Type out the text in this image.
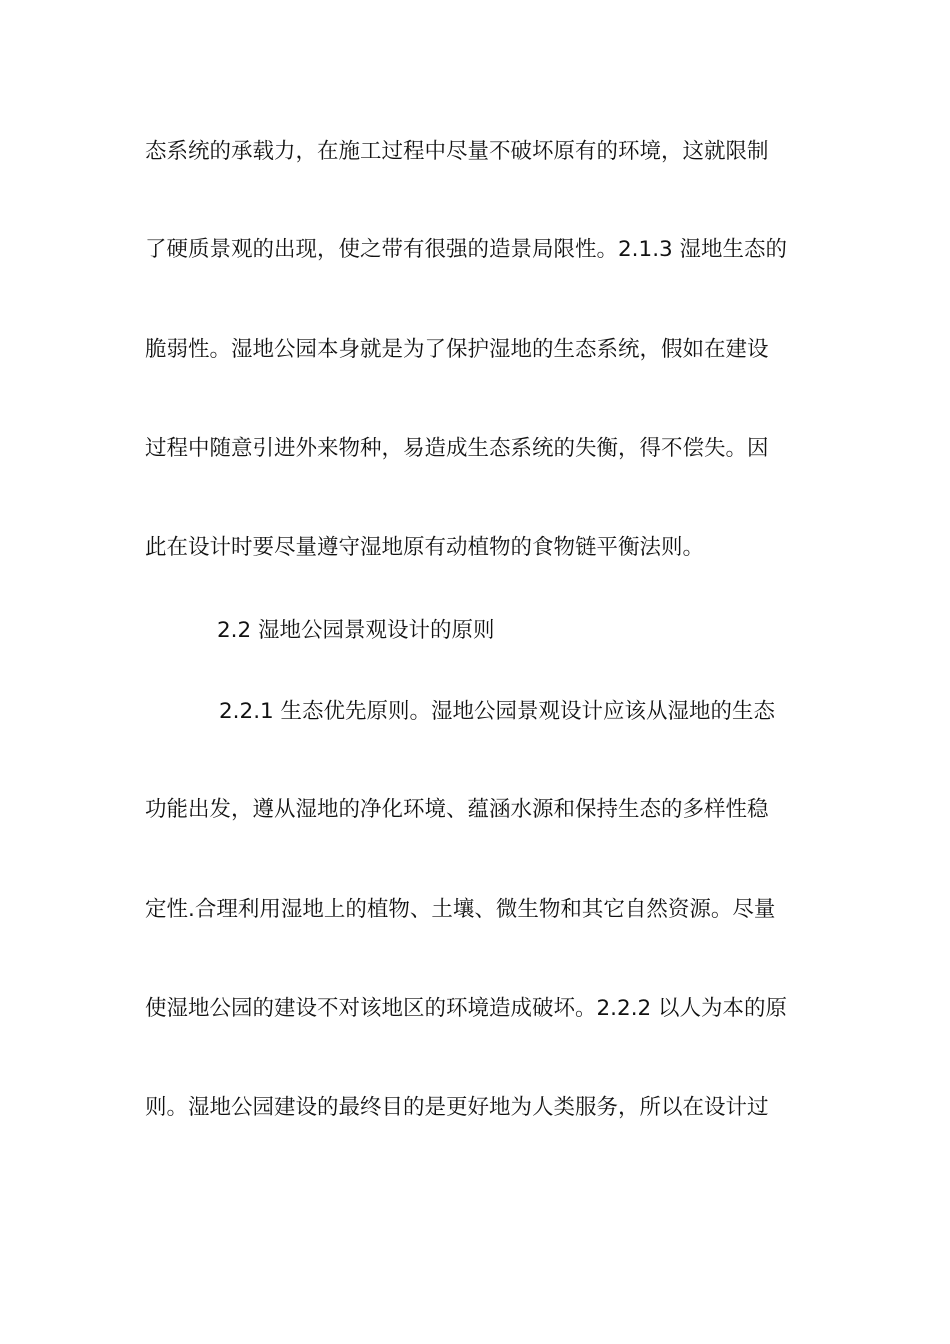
态系统的承载力，在施工过程中尽量不破坏原有的环境，这就限制
了硬质景观的出现，使之带有很强的造景局限性。2.1.3 湿地生态的
脆弱性。湿地公园本身就是为了保护湿地的生态系统，假如在建设
过程中随意引进外来物种，易造成生态系统的失衡，得不偿失。因
此在设计时要尽量遵守湿地原有动植物的食物链平衡法则。
2.2 湿地公园景观设计的原则
2.2.1 生态优先原则。湿地公园景观设计应该从湿地的生态
功能出发，遵从湿地的净化环境、蕴涵水源和保持生态的多样性稳
定性.合理利用湿地上的植物、土壤、微生物和其它自然资源。尽量
使湿地公园的建设不对该地区的环境造成破坏。2.2.2 以人为本的原
则。湿地公园建设的最终目的是更好地为人类服务，所以在设计过
